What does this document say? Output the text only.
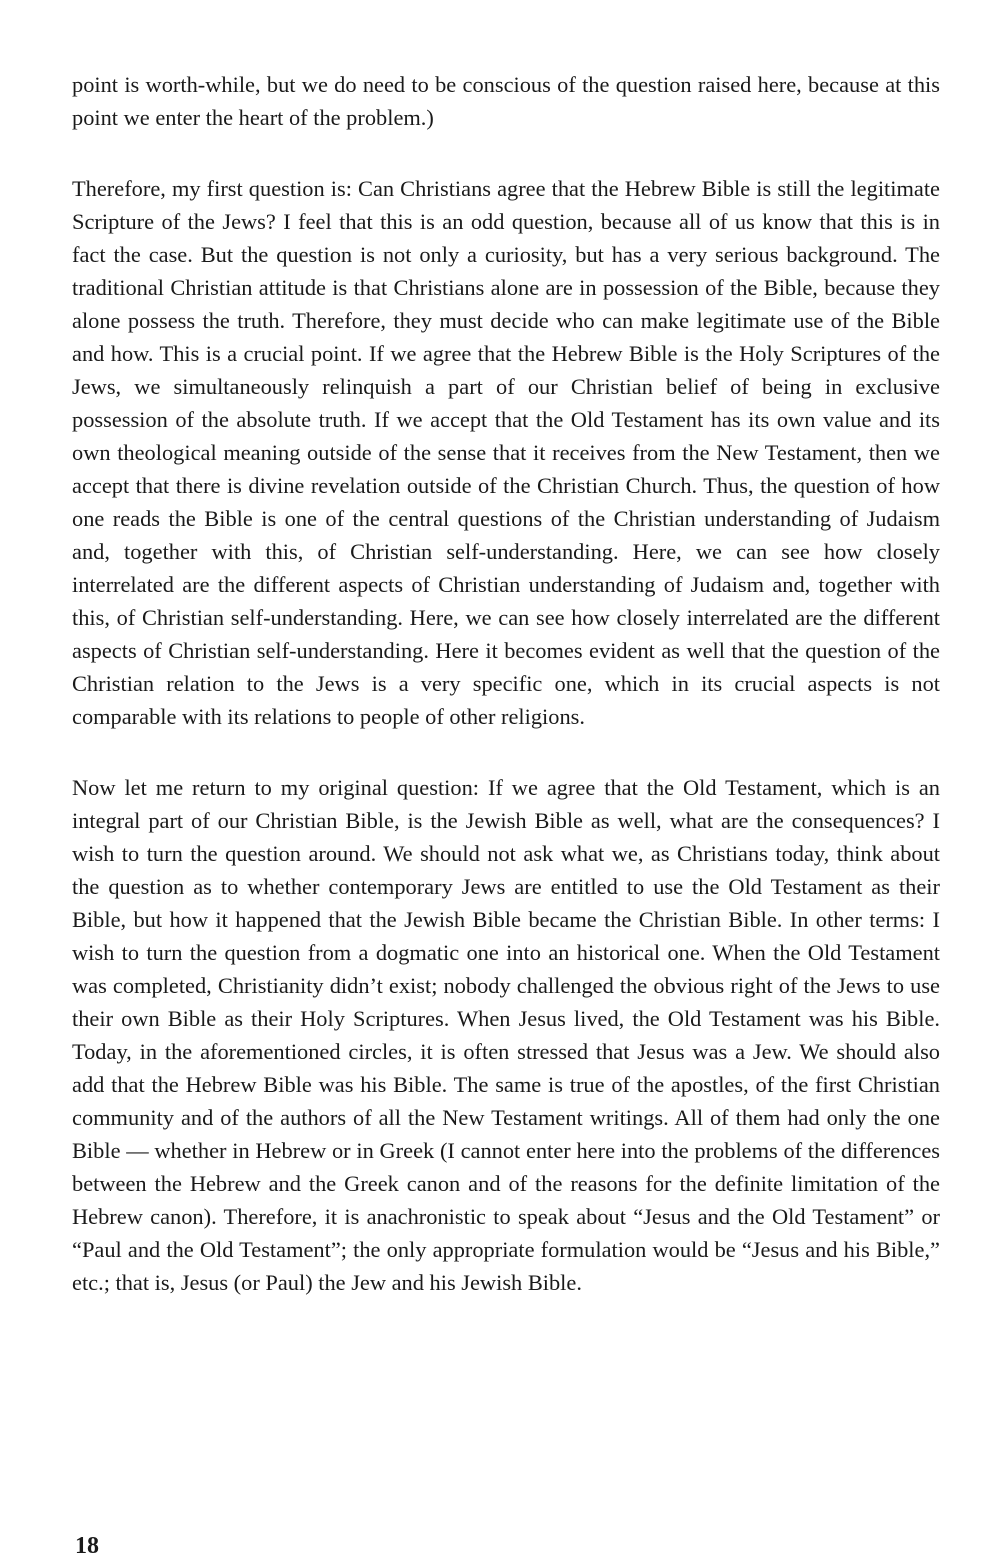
point is worth-while, but we do need to be conscious of the question raised here, because at this point we enter the heart of the problem.)

Therefore, my first question is: Can Christians agree that the Hebrew Bible is still the legitimate Scripture of the Jews? I feel that this is an odd question, because all of us know that this is in fact the case. But the question is not only a curiosity, but has a very serious background. The traditional Christian attitude is that Christians alone are in possession of the Bible, because they alone possess the truth. Therefore, they must decide who can make legitimate use of the Bible and how. This is a crucial point. If we agree that the Hebrew Bible is the Holy Scriptures of the Jews, we simultaneously relinquish a part of our Christian belief of being in exclusive possession of the absolute truth. If we accept that the Old Testament has its own value and its own theological meaning outside of the sense that it receives from the New Testament, then we accept that there is divine revelation outside of the Christian Church. Thus, the question of how one reads the Bible is one of the central questions of the Christian understanding of Judaism and, together with this, of Christian self-understanding. Here, we can see how closely interrelated are the different aspects of Christian understanding of Judaism and, together with this, of Christian self-understanding. Here, we can see how closely interrelated are the different aspects of Christian self-understanding. Here it becomes evident as well that the question of the Christian relation to the Jews is a very specific one, which in its crucial aspects is not comparable with its relations to people of other religions.

Now let me return to my original question: If we agree that the Old Testament, which is an integral part of our Christian Bible, is the Jewish Bible as well, what are the consequences? I wish to turn the question around. We should not ask what we, as Christians today, think about the question as to whether contemporary Jews are entitled to use the Old Testament as their Bible, but how it happened that the Jewish Bible became the Christian Bible. In other terms: I wish to turn the question from a dogmatic one into an historical one. When the Old Testament was completed, Christianity didn’t exist; nobody challenged the obvious right of the Jews to use their own Bible as their Holy Scriptures. When Jesus lived, the Old Testament was his Bible. Today, in the aforementioned circles, it is often stressed that Jesus was a Jew. We should also add that the Hebrew Bible was his Bible. The same is true of the apostles, of the first Christian community and of the authors of all the New Testament writings. All of them had only the one Bible — whether in Hebrew or in Greek (I cannot enter here into the problems of the differences between the Hebrew and the Greek canon and of the reasons for the definite limitation of the Hebrew canon). Therefore, it is anachronistic to speak about “Jesus and the Old Testament” or “Paul and the Old Testament”; the only appropriate formulation would be “Jesus and his Bible,” etc.; that is, Jesus (or Paul) the Jew and his Jewish Bible.

18
